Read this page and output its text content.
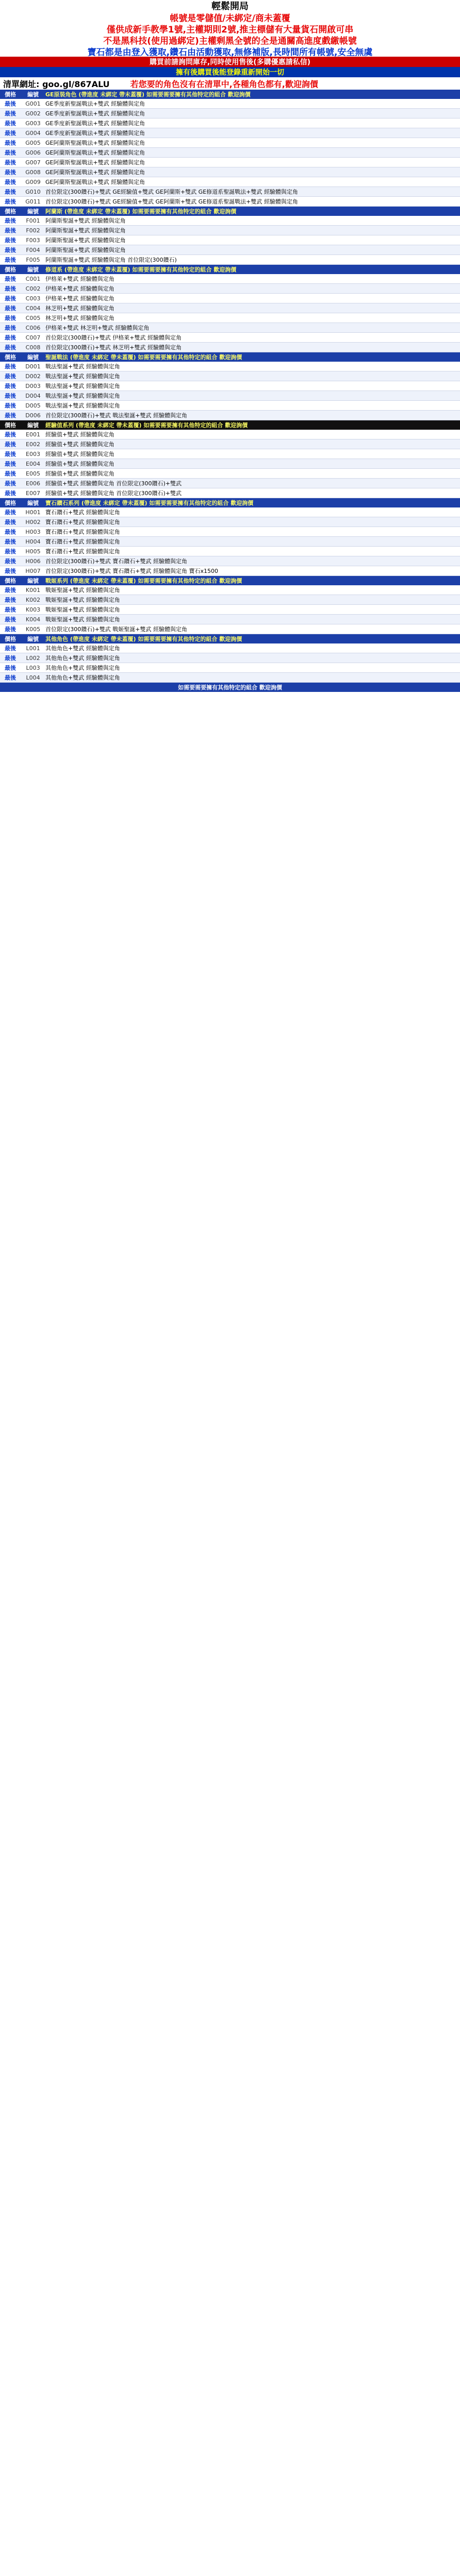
輕鬆開局
帳號是零儲值/未綁定/商未蓋覆
僅供成新手教學1號,主權期則2號,推主標儲有大量貨石開啟可串
不是黑科技(使用過綁定)主權剩黑全號的全是通關高進度戲繳帳號
寶石都是由登入獲取,鑽石由活動獲取,無修補版,長時間所有帳號,安全無虞
購買前請詢問庫存,同時使用售後(多購優惠請私信)
擁有後購買後能登錄重新開始一切
清單網址: goo.gl/867ALU	若您要的角色沒有在清單中,各種角色都有,歡迎詢價
價格	編號	GE原裝角色 (帶進度 未綁定 帶未蓋覆) 如需要需要擁有其他特定的組合 歡迎詢價
最後	G001 GE季度新聖誕戰法+雙武 經驗體與定角
最後	G002 GE季度新聖誕戰法+雙武 經驗體與定角
最後	G003 GE季度新聖誕戰法+雙武 經驗體與定角
最後	G004 GE季度新聖誕戰法+雙武 經驗體與定角
最後	G005 GE阿蘭斯聖誕戰法+雙武 經驗體與定角
最後	G006 GE阿蘭斯聖誕戰法+雙武 經驗體與定角
最後	G007 GE阿蘭斯聖誕戰法+雙武 經驗體與定角
最後	G008 GE阿蘭斯聖誕戰法+雙武 經驗體與定角
最後	G009 GE阿蘭斯聖誕戰法+雙武 經驗體與定角
最後	G010 首位限定(300鑽石)+雙武 GE經驗值+雙武 GE阿蘭斯+雙武 GE修道系聖誕戰法+雙武 經驗體與定角
最後	G011 首位限定(300鑽石)+雙武 GE經驗值+雙武 GE阿蘭斯+雙武 GE修道系聖誕戰法+雙武 經驗體與定角
價格	編號	阿蘭斯 (帶進度 未綁定 帶未蓋覆) 如需要需要擁有其他特定的組合 歡迎詢價
最後	F001 阿蘭斯聖誕+雙武 經驗體與定角
最後	F002 阿蘭斯聖誕+雙武 經驗體與定角
最後	F003 阿蘭斯聖誕+雙武 經驗體與定角
最後	F004 阿蘭斯聖誕+雙武 經驗體與定角
最後	F005 阿蘭斯聖誕+雙武 經驗體與定角 首位限定(300鑽石)
價格	編號	修道系 (帶進度 未綁定 帶未蓋覆) 如需要需要擁有其他特定的組合 歡迎詢價
最後	C001 伊格萊+雙武 經驗體與定角
最後	C002 伊格萊+雙武 經驗體與定角
最後	C003 伊格萊+雙武 經驗體與定角
最後	C004 林芝明+雙武 經驗體與定角
最後	C005 林芝明+雙武 經驗體與定角
最後	C006 伊格萊+雙武 林芝明+雙武 經驗體與定角
最後	C007 首位限定(300鑽石)+雙武 伊格萊+雙武 經驗體與定角
最後	C008 首位限定(300鑽石)+雙武 林芝明+雙武 經驗體與定角
價格	編號	聖誕戰法 (帶進度 未綁定 帶未蓋覆) 如需要需要擁有其他特定的組合 歡迎詢價
最後	D001 戰法聖誕+雙武 經驗體與定角
最後	D002 戰法聖誕+雙武 經驗體與定角
最後	D003 戰法聖誕+雙武 經驗體與定角
最後	D004 戰法聖誕+雙武 經驗體與定角
最後	D005 戰法聖誕+雙武 經驗體與定角
最後	D006 首位限定(300鑽石)+雙武 戰法聖誕+雙武 經驗體與定角
價格	編號	經驗值系列 (帶進度 未綁定 帶未蓋覆) 如需要需要擁有其他特定的組合 歡迎詢價
最後	E001 經驗值+雙武 經驗體與定角
最後	E002 經驗值+雙武 經驗體與定角
最後	E003 經驗值+雙武 經驗體與定角
最後	E004 經驗值+雙武 經驗體與定角
最後	E005 經驗值+雙武 經驗體與定角
最後	E006 經驗值+雙武 經驗體與定角 首位限定(300鑽石)+雙武
最後	E007 經驗值+雙武 經驗體與定角 首位限定(300鑽石)+雙武
價格	編號	寶石鑽石系列 (帶進度 未綁定 帶未蓋覆) 如需要需要擁有其他特定的組合 歡迎詢價
最後	H001 寶石鑽石+雙武 經驗體與定角
最後	H002 寶石鑽石+雙武 經驗體與定角
最後	H003 寶石鑽石+雙武 經驗體與定角
最後	H004 寶石鑽石+雙武 經驗體與定角
最後	H005 寶石鑽石+雙武 經驗體與定角
最後	H006 首位限定(300鑽石)+雙武 寶石鑽石+雙武 經驗體與定角
最後	H007 首位限定(300鑽石)+雙武 寶石鑽石+雙武 經驗體與定角 寶石x1500
價格	編號	戰姬系列 (帶進度 未綁定 帶未蓋覆) 如需要需要擁有其他特定的組合 歡迎詢價
最後	K001 戰姬聖誕+雙武 經驗體與定角
最後	K002 戰姬聖誕+雙武 經驗體與定角
最後	K003 戰姬聖誕+雙武 經驗體與定角
最後	K004 戰姬聖誕+雙武 經驗體與定角
最後	K005 首位限定(300鑽石)+雙武 戰姬聖誕+雙武 經驗體與定角
價格	編號	其他角色 (帶進度 未綁定 帶未蓋覆) 如需要需要擁有其他特定的組合 歡迎詢價
最後	L001 其他角色+雙武 經驗體與定角
最後	L002 其他角色+雙武 經驗體與定角
最後	L003 其他角色+雙武 經驗體與定角
最後	L004 其他角色+雙武 經驗體與定角
如需要需要擁有其他特定的組合 歡迎詢價
